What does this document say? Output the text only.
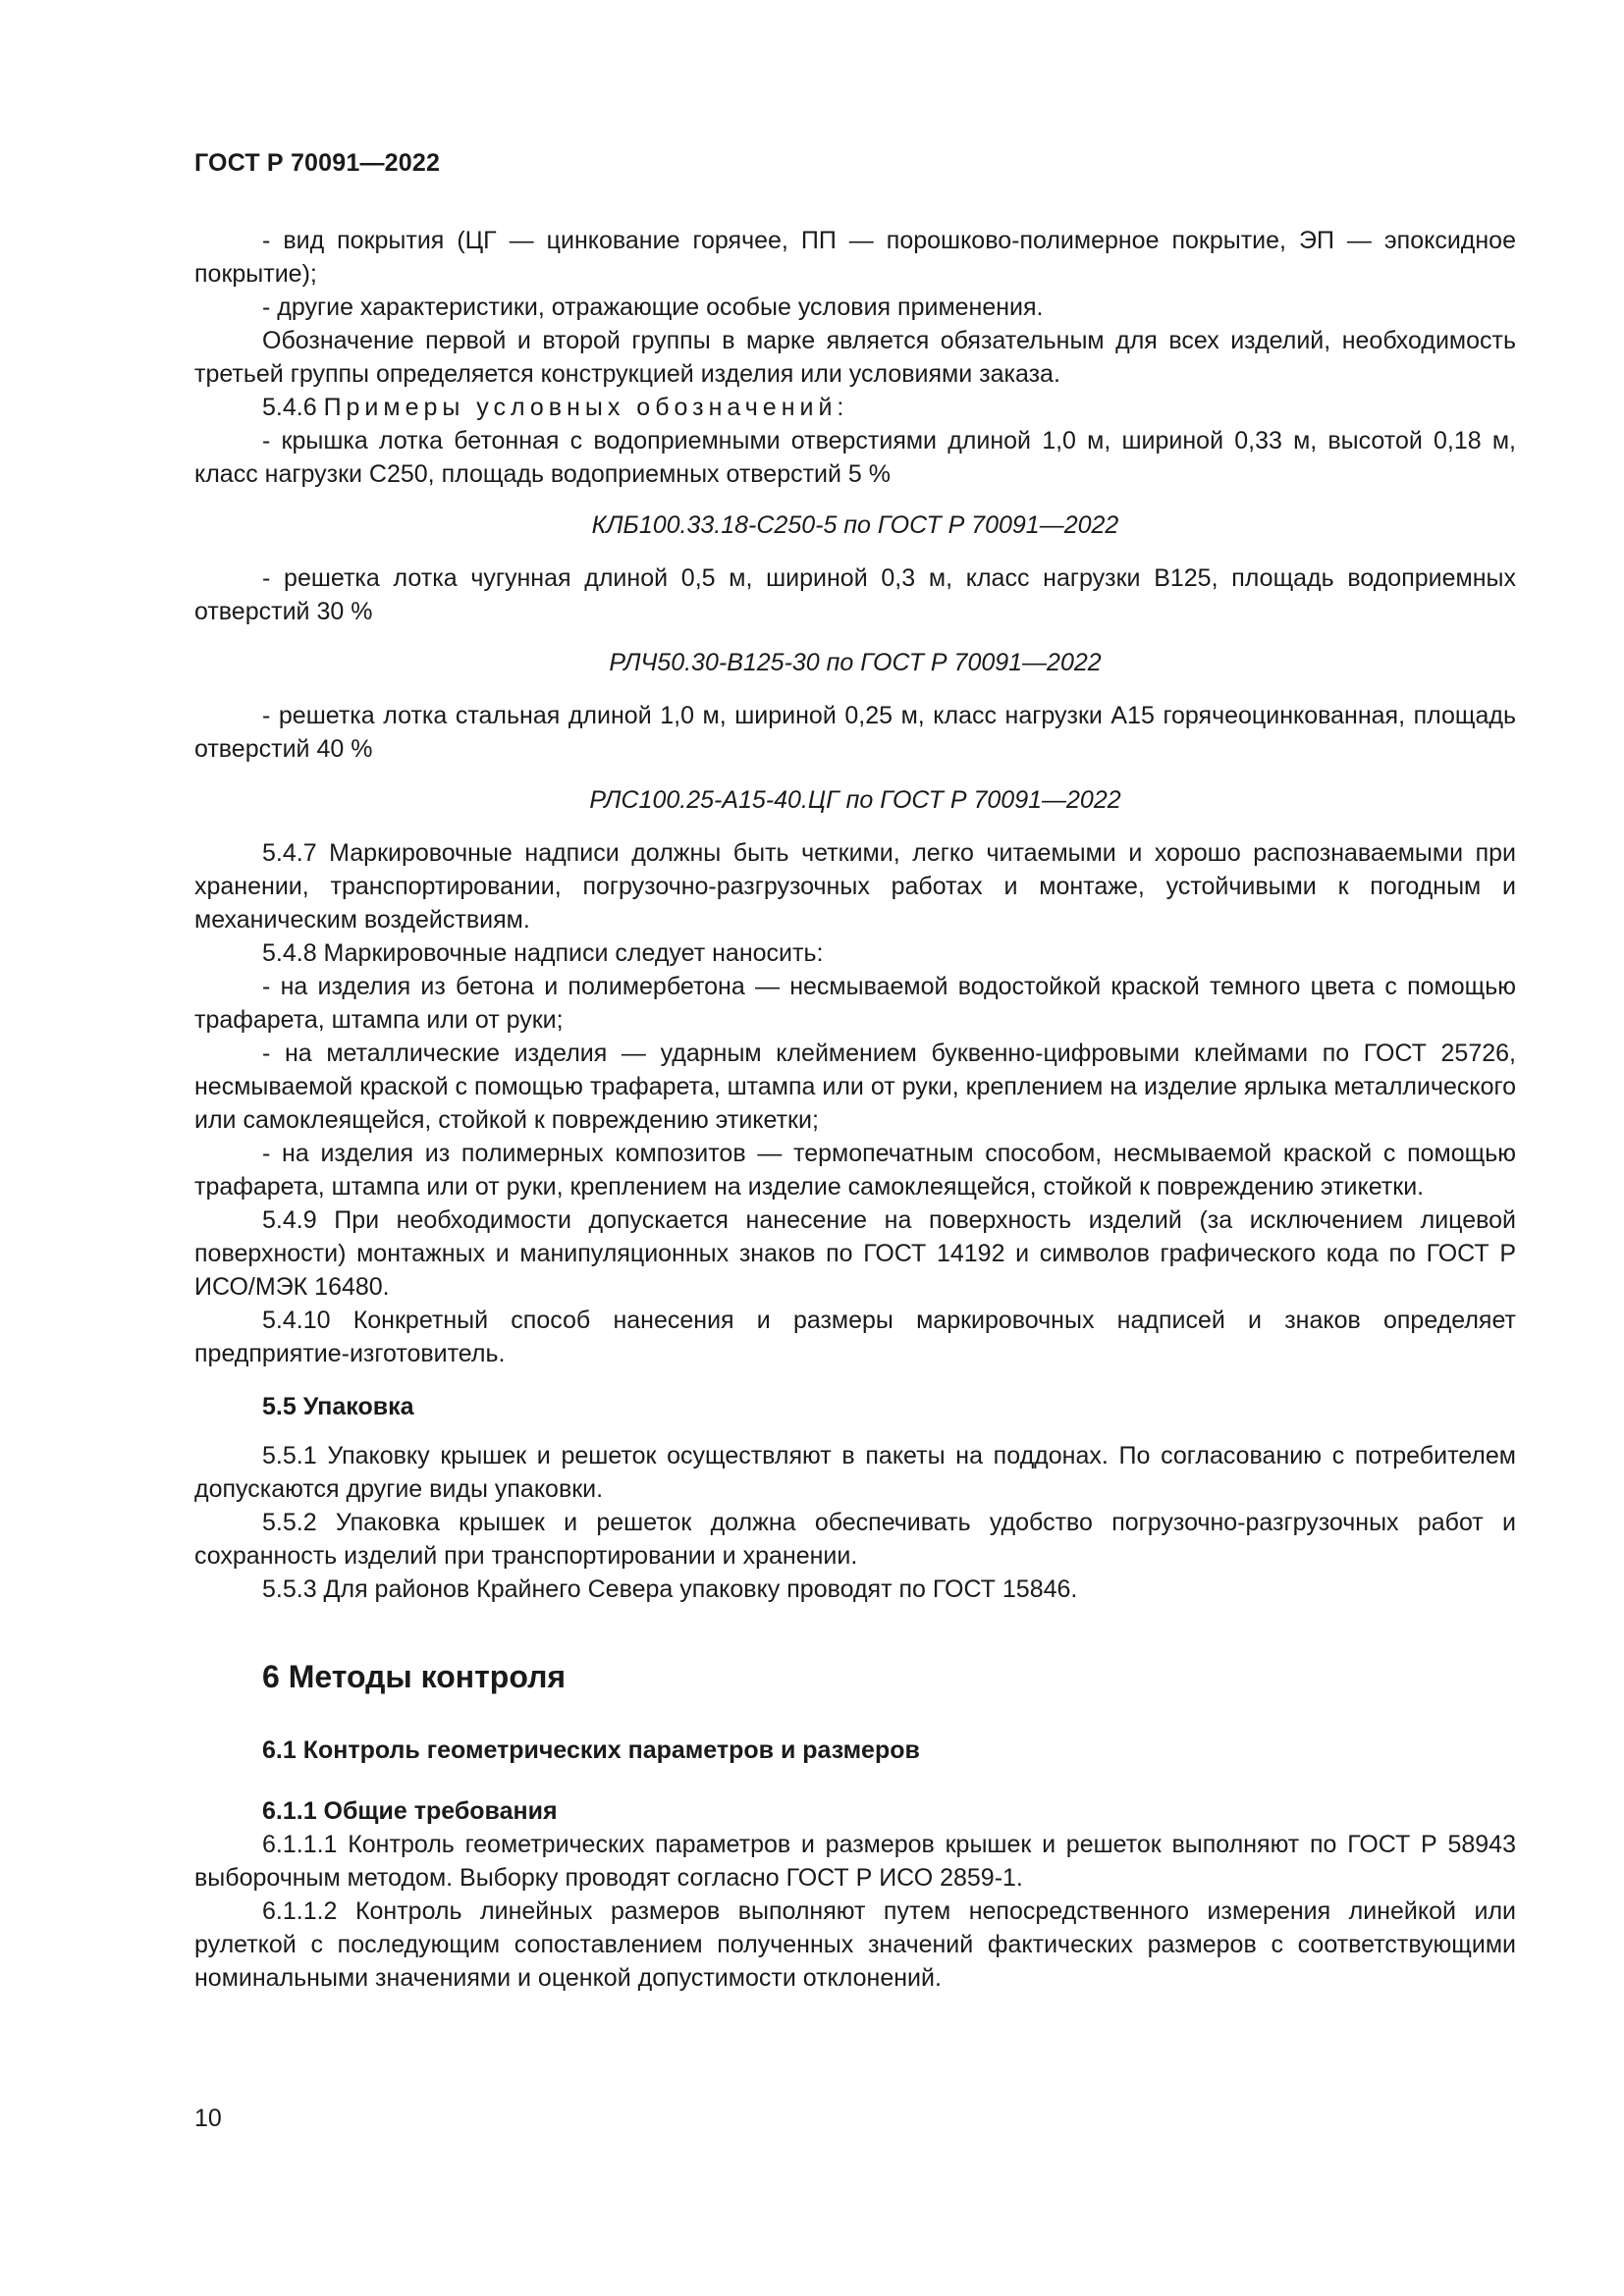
ГОСТ Р 70091—2022

- вид покрытия (ЦГ — цинкование горячее, ПП — порошково-полимерное покрытие, ЭП — эпоксидное покрытие);

- другие характеристики, отражающие особые условия применения.

Обозначение первой и второй группы в марке является обязательным для всех изделий, необходимость третьей группы определяется конструкцией изделия или условиями заказа.

5.4.6 Примеры условных обозначений:

- крышка лотка бетонная с водоприемными отверстиями длиной 1,0 м, шириной 0,33 м, высотой 0,18 м, класс нагрузки С250, площадь водоприемных отверстий 5 %

КЛБ100.33.18-С250-5 по ГОСТ Р 70091—2022

- решетка лотка чугунная длиной 0,5 м, шириной 0,3 м, класс нагрузки В125, площадь водоприемных отверстий 30 %

РЛЧ50.30-В125-30 по ГОСТ Р 70091—2022

- решетка лотка стальная длиной 1,0 м, шириной 0,25 м, класс нагрузки А15 горячеоцинкованная, площадь отверстий 40 %

РЛС100.25-А15-40.ЦГ по ГОСТ Р 70091—2022

5.4.7 Маркировочные надписи должны быть четкими, легко читаемыми и хорошо распознаваемыми при хранении, транспортировании, погрузочно-разгрузочных работах и монтаже, устойчивыми к погодным и механическим воздействиям.

5.4.8 Маркировочные надписи следует наносить:

- на изделия из бетона и полимербетона — несмываемой водостойкой краской темного цвета с помощью трафарета, штампа или от руки;

- на металлические изделия — ударным клеймением буквенно-цифровыми клеймами по ГОСТ 25726, несмываемой краской с помощью трафарета, штампа или от руки, креплением на изделие ярлыка металлического или самоклеящейся, стойкой к повреждению этикетки;

- на изделия из полимерных композитов — термопечатным способом, несмываемой краской с помощью трафарета, штампа или от руки, креплением на изделие самоклеящейся, стойкой к повреждению этикетки.

5.4.9 При необходимости допускается нанесение на поверхность изделий (за исключением лицевой поверхности) монтажных и манипуляционных знаков по ГОСТ 14192 и символов графического кода по ГОСТ Р ИСО/МЭК 16480.

5.4.10 Конкретный способ нанесения и размеры маркировочных надписей и знаков определяет предприятие-изготовитель.

5.5 Упаковка

5.5.1 Упаковку крышек и решеток осуществляют в пакеты на поддонах. По согласованию с потребителем допускаются другие виды упаковки.

5.5.2 Упаковка крышек и решеток должна обеспечивать удобство погрузочно-разгрузочных работ и сохранность изделий при транспортировании и хранении.

5.5.3 Для районов Крайнего Севера упаковку проводят по ГОСТ 15846.

6 Методы контроля
6.1 Контроль геометрических параметров и размеров
6.1.1 Общие требования

6.1.1.1 Контроль геометрических параметров и размеров крышек и решеток выполняют по ГОСТ Р 58943 выборочным методом. Выборку проводят согласно ГОСТ Р ИСО 2859-1.

6.1.1.2 Контроль линейных размеров выполняют путем непосредственного измерения линейкой или рулеткой с последующим сопоставлением полученных значений фактических размеров с соответствующими номинальными значениями и оценкой допустимости отклонений.

10
